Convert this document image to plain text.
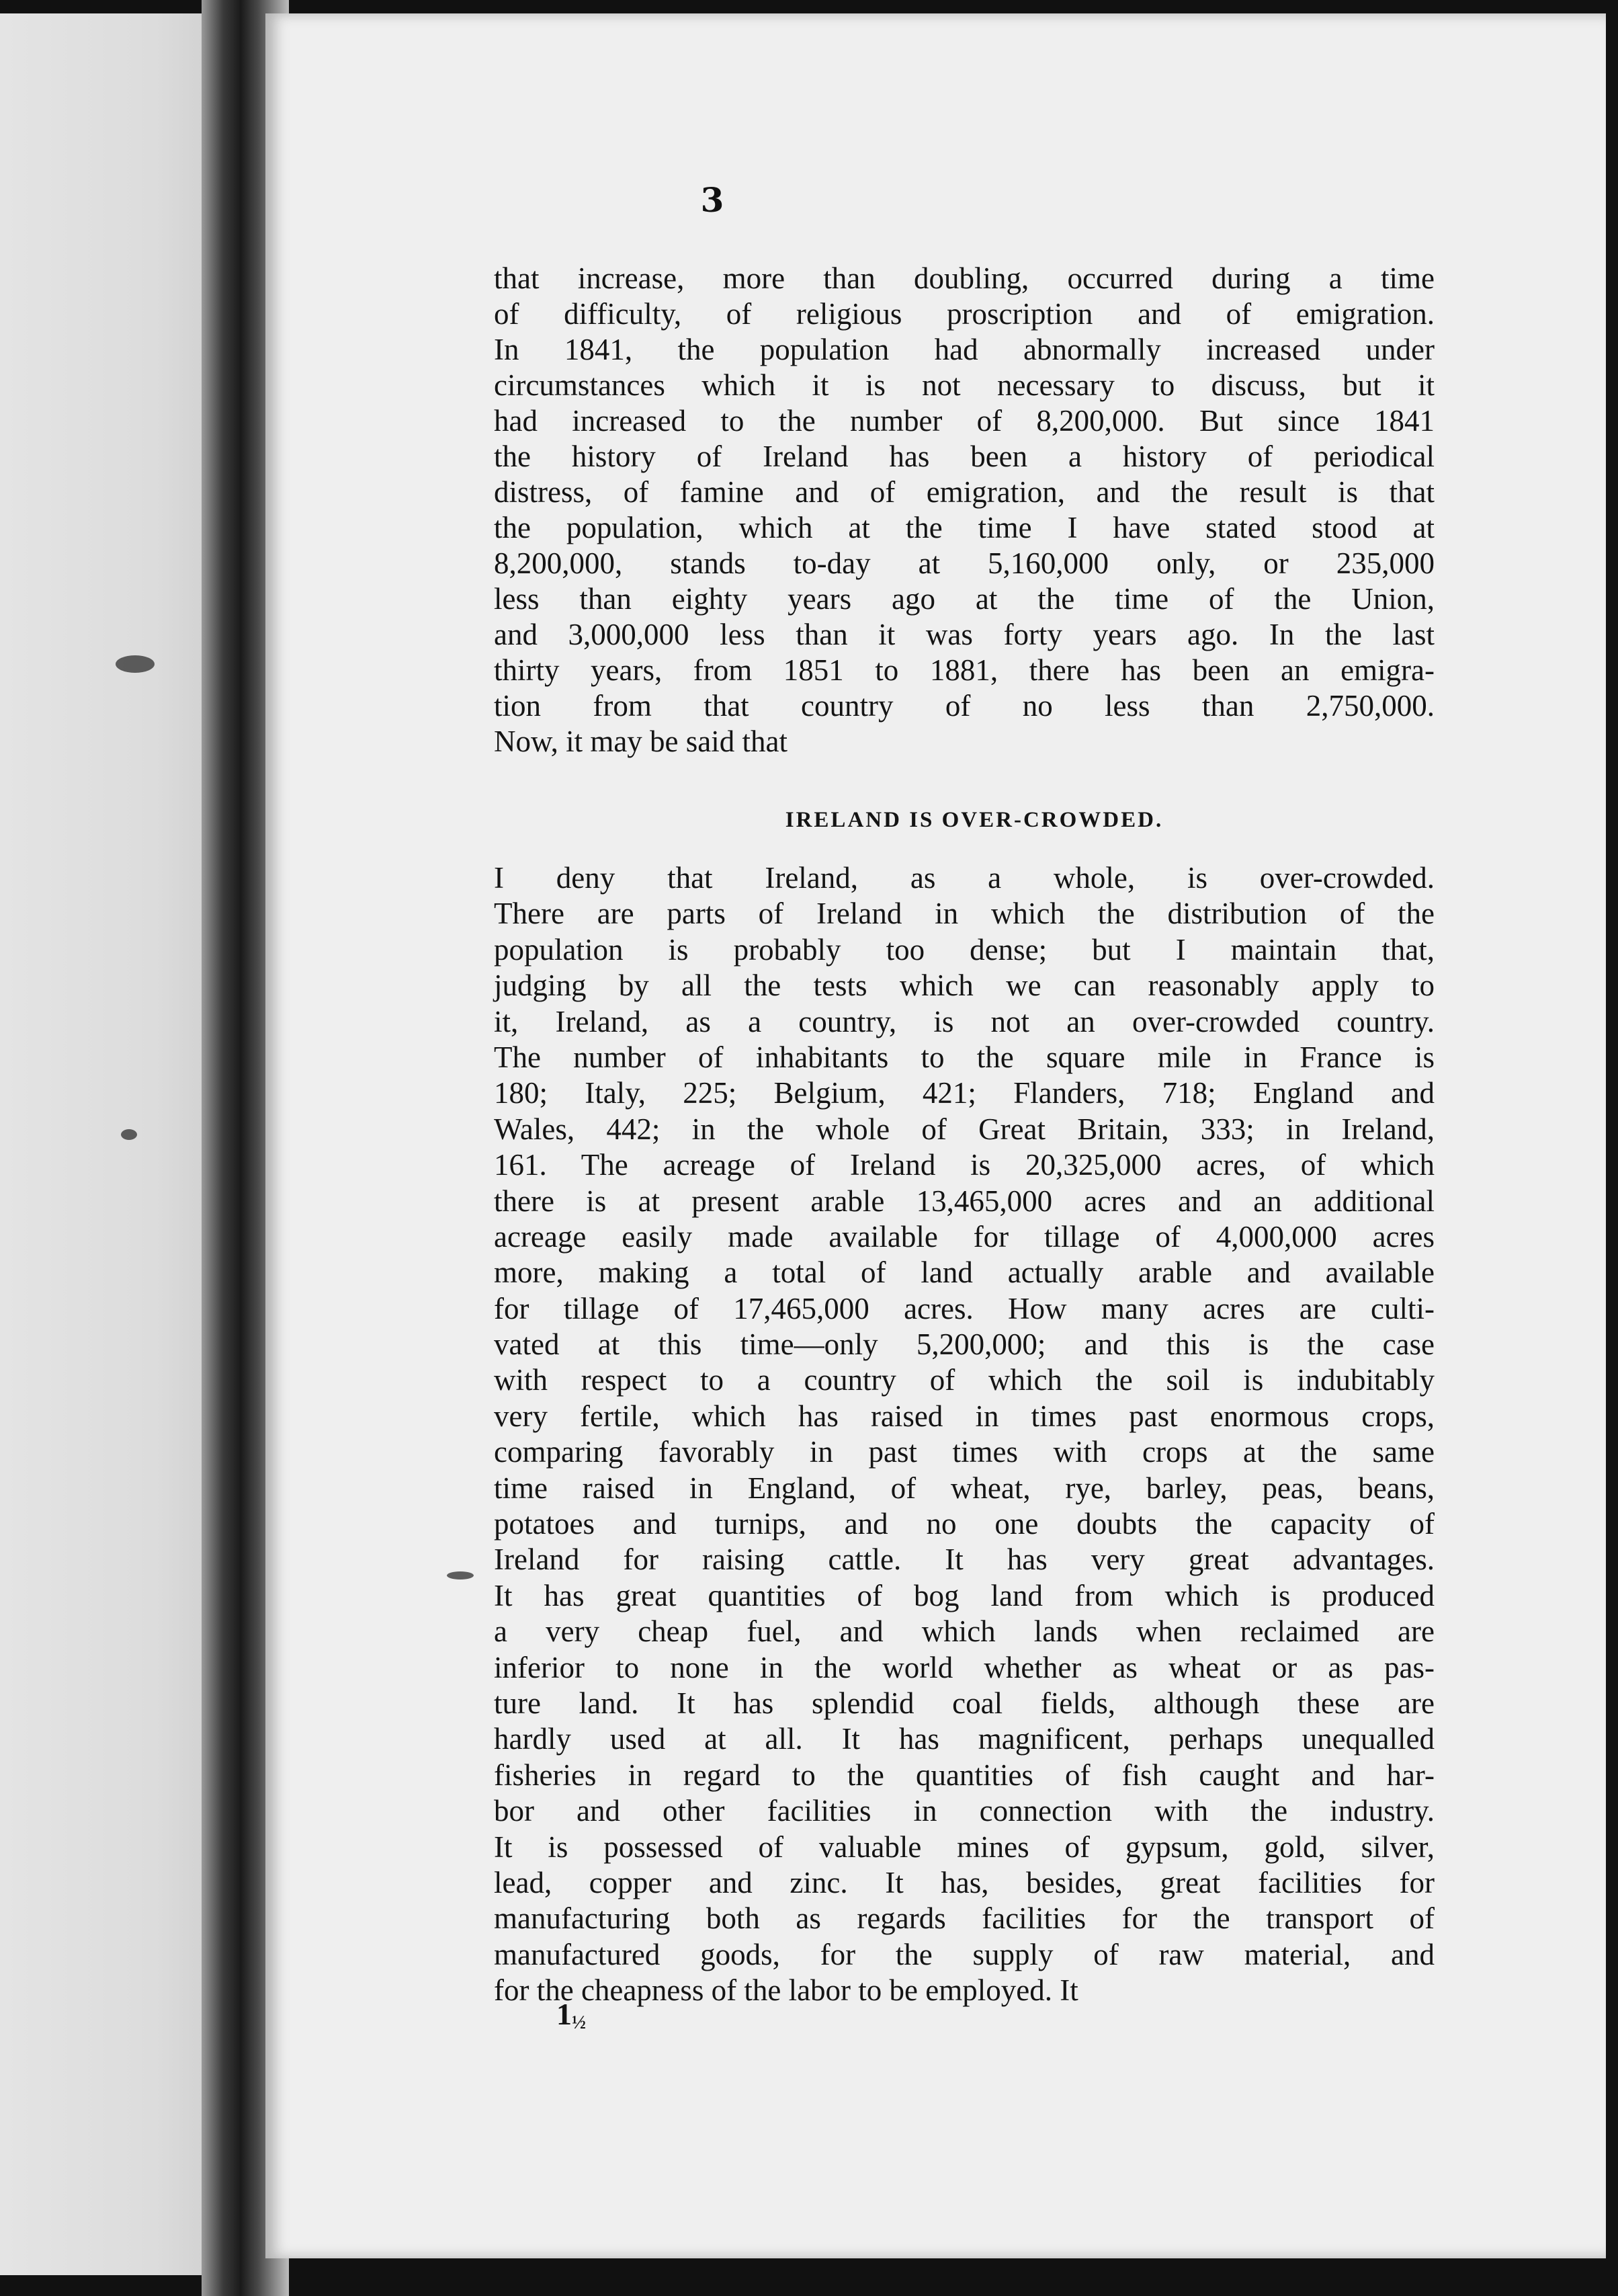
3
that increase, more than doubling, occurred during a time
of difficulty, of religious proscription and of emigration.
In 1841, the population had abnormally increased under
circumstances which it is not necessary to discuss, but it
had increased to the number of 8,200,000. But since 1841
the history of Ireland has been a history of periodical
distress, of famine and of emigration, and the result is that
the population, which at the time I have stated stood at
8,200,000, stands to-day at 5,160,000 only, or 235,000
less than eighty years ago at the time of the Union,
and 3,000,000 less than it was forty years ago. In the last
thirty years, from 1851 to 1881, there has been an emigra-
tion from that country of no less than 2,750,000.
Now, it may be said that
IRELAND IS OVER-CROWDED.
I deny that Ireland, as a whole, is over-crowded.
There are parts of Ireland in which the distribution of the
population is probably too dense; but I maintain that,
judging by all the tests which we can reasonably apply to
it, Ireland, as a country, is not an over-crowded country.
The number of inhabitants to the square mile in France is
180; Italy, 225; Belgium, 421; Flanders, 718; England and
Wales, 442; in the whole of Great Britain, 333; in Ireland,
161. The acreage of Ireland is 20,325,000 acres, of which
there is at present arable 13,465,000 acres and an additional
acreage easily made available for tillage of 4,000,000 acres
more, making a total of land actually arable and available
for tillage of 17,465,000 acres. How many acres are culti-
vated at this time—only 5,200,000; and this is the case
with respect to a country of which the soil is indubitably
very fertile, which has raised in times past enormous crops,
comparing favorably in past times with crops at the same
time raised in England, of wheat, rye, barley, peas, beans,
potatoes and turnips, and no one doubts the capacity of
Ireland for raising cattle. It has very great advantages.
It has great quantities of bog land from which is produced
a very cheap fuel, and which lands when reclaimed are
inferior to none in the world whether as wheat or as pas-
ture land. It has splendid coal fields, although these are
hardly used at all. It has magnificent, perhaps unequalled
fisheries in regard to the quantities of fish caught and har-
bor and other facilities in connection with the industry.
It is possessed of valuable mines of gypsum, gold, silver,
lead, copper and zinc. It has, besides, great facilities for
manufacturing both as regards facilities for the transport of
manufactured goods, for the supply of raw material, and
for the cheapness of the labor to be employed. It
1½
